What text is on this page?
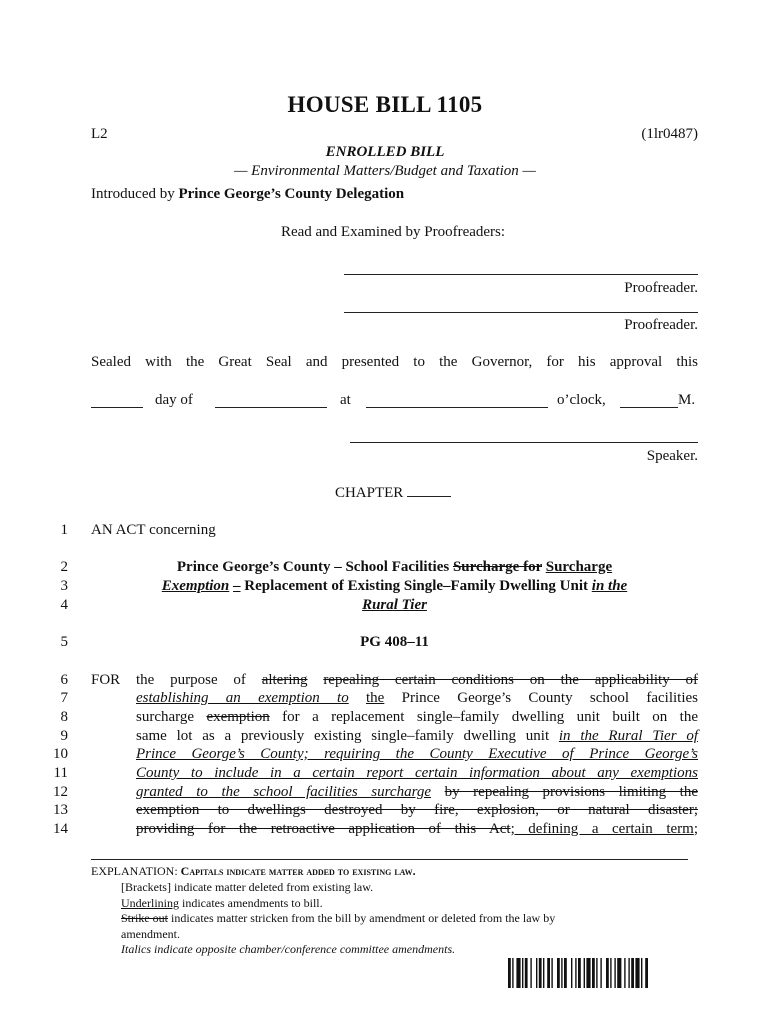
HOUSE BILL 1105
L2	(1lr0487)
ENROLLED BILL
— Environmental Matters/Budget and Taxation —
Introduced by Prince George’s County Delegation
Read and Examined by Proofreaders:
Proofreader.
Proofreader.
Sealed with the Great Seal and presented to the Governor, for his approval this
day of	at	o’clock,	M.
Speaker.
CHAPTER
1
2
3
4
5
6
7
8
9
10
11
12
13
14
AN ACT concerning
Prince George’s County – School Facilities Surcharge for Surcharge
Exemption – Replacement of Existing Single–Family Dwelling Unit in the
Rural Tier
PG 408–11
FOR the purpose of altering repealing certain conditions on the applicability of
establishing an exemption to the Prince George’s County school facilities
surcharge exemption for a replacement single–family dwelling unit built on the
same lot as a previously existing single–family dwelling unit in the Rural Tier of
Prince George’s County; requiring the County Executive of Prince George’s
County to include in a certain report certain information about any exemptions
granted to the school facilities surcharge by repealing provisions limiting the
exemption to dwellings destroyed by fire, explosion, or natural disaster;
providing for the retroactive application of this Act; defining a certain term;
EXPLANATION: Capitals indicate matter added to existing law.
[Brackets] indicate matter deleted from existing law.
Underlining indicates amendments to bill.
Strike out indicates matter stricken from the bill by amendment or deleted from the law by
amendment.
Italics indicate opposite chamber/conference committee amendments.
